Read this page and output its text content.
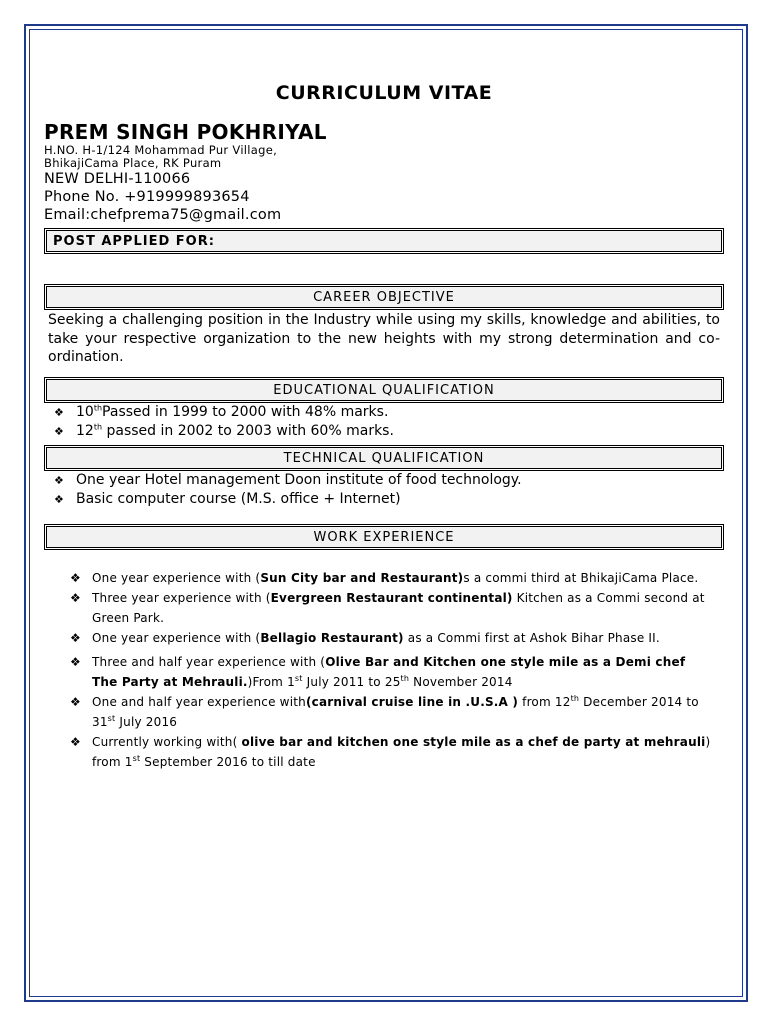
CURRICULUM VITAE
PREM SINGH POKHRIYAL
H.NO. H-1/124 Mohammad Pur Village,
BhikajiCama Place, RK Puram
NEW DELHI-110066
Phone No. +919999893654
Email:chefprema75@gmail.com
POST APPLIED FOR:
CAREER OBJECTIVE
Seeking a challenging position in the Industry while using my skills, knowledge and abilities, to take your respective organization to the new heights with my strong determination and co-ordination.
EDUCATIONAL QUALIFICATION
❖ 10thPassed in 1999 to 2000 with 48% marks.
❖ 12th passed in 2002 to 2003 with 60% marks.
TECHNICAL QUALIFICATION
❖ One year Hotel management Doon institute of food technology.
❖ Basic computer course (M.S. office + Internet)
WORK EXPERIENCE
❖ One year experience with (Sun City bar and Restaurant)s a commi third at BhikajiCama Place.
❖ Three year experience with (Evergreen Restaurant continental) Kitchen as a Commi second at Green Park.
❖ One year experience with (Bellagio Restaurant) as a Commi first at Ashok Bihar Phase II.
❖ Three and half year experience with (Olive Bar and Kitchen one style mile as a Demi chef The Party at Mehrauli.)From 1st July 2011 to 25th November 2014
❖ One and half year experience with(carnival cruise line in .U.S.A ) from 12th December 2014 to 31st July 2016
❖ Currently working with( olive bar and kitchen one style mile as a chef de party at mehrauli) from 1st September 2016 to till date
